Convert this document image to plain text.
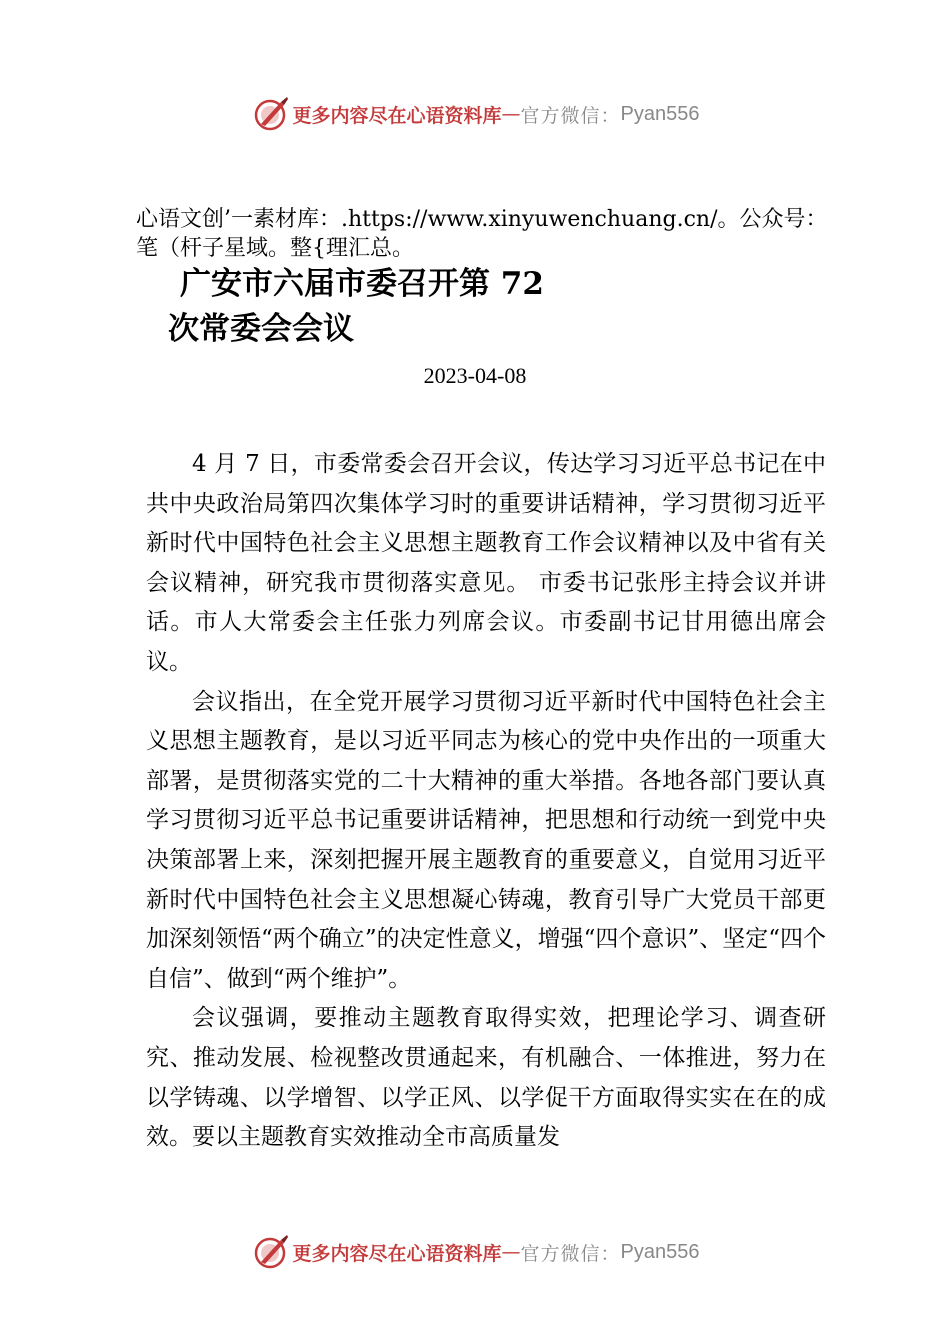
更多内容尽在心语资料库 — 官方微信： Pyan556

心语文创’一素材库：.https://www.xinyuwenchuang.cn/。公众号：笔（杆子星域。整{理汇总。

广安市六届市委召开第 72
次常委会会议
2023-04-08

4 月 7 日，市委常委会召开会议，传达学习习近平总书记在中共中央政治局第四次集体学习时的重要讲话精神，学习贯彻习近平新时代中国特色社会主义思想主题教育工作会议精神以及中省有关会议精神，研究我市贯彻落实意见。 市委书记张彤主持会议并讲话。市人大常委会主任张力列席会议。市委副书记甘用德出席会议。

会议指出，在全党开展学习贯彻习近平新时代中国特色社会主义思想主题教育，是以习近平同志为核心的党中央作出的一项重大部署，是贯彻落实党的二十大精神的重大举措。各地各部门要认真学习贯彻习近平总书记重要讲话精神，把思想和行动统一到党中央决策部署上来，深刻把握开展主题教育的重要意义，自觉用习近平新时代中国特色社会主义思想凝心铸魂，教育引导广大党员干部更加深刻领悟“两个确立”的决定性意义，增强“四个意识”、坚定“四个自信”、做到“两个维护”。

会议强调，要推动主题教育取得实效，把理论学习、调查研究、推动发展、检视整改贯通起来，有机融合、一体推进，努力在以学铸魂、以学增智、以学正风、以学促干方面取得实实在在的成效。要以主题教育实效推动全市高质量发

更多内容尽在心语资料库 — 官方微信： Pyan556
